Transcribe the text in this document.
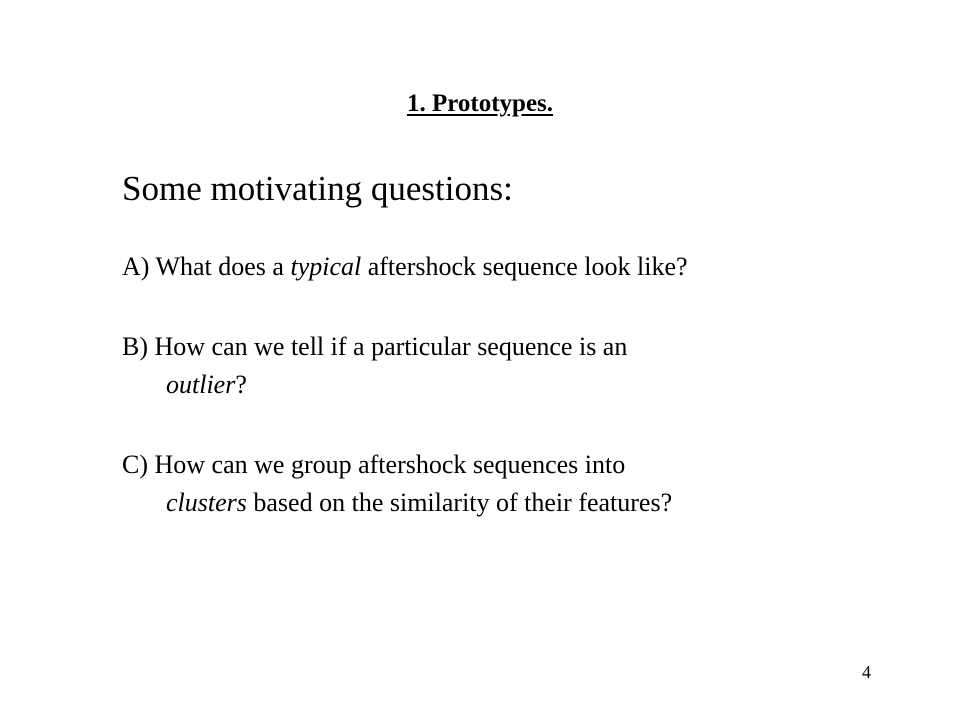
1. Prototypes.
Some motivating questions:
A) What does a typical aftershock sequence look like?
B) How can we tell if a particular sequence is an
outlier?
C) How can we group aftershock sequences into
clusters based on the similarity of their features?
4
